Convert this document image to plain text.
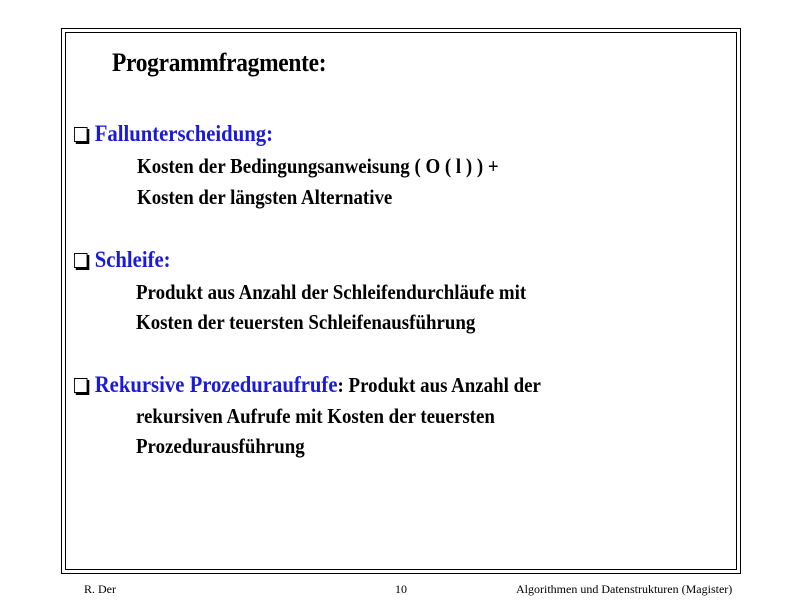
Programmfragmente:
Fallunterscheidung:
Kosten der Bedingungsanweisung ( O ( l ) ) +
Kosten der längsten Alternative
Schleife:
Produkt aus Anzahl der Schleifendurchläufe mit
Kosten der teuersten Schleifenausführung
Rekursive Prozeduraufrufe : Produkt aus Anzahl der
rekursiven Aufrufe mit Kosten der teuersten
Prozedurausführung
R. Der	10	Algorithmen und Datenstrukturen (Magister)
